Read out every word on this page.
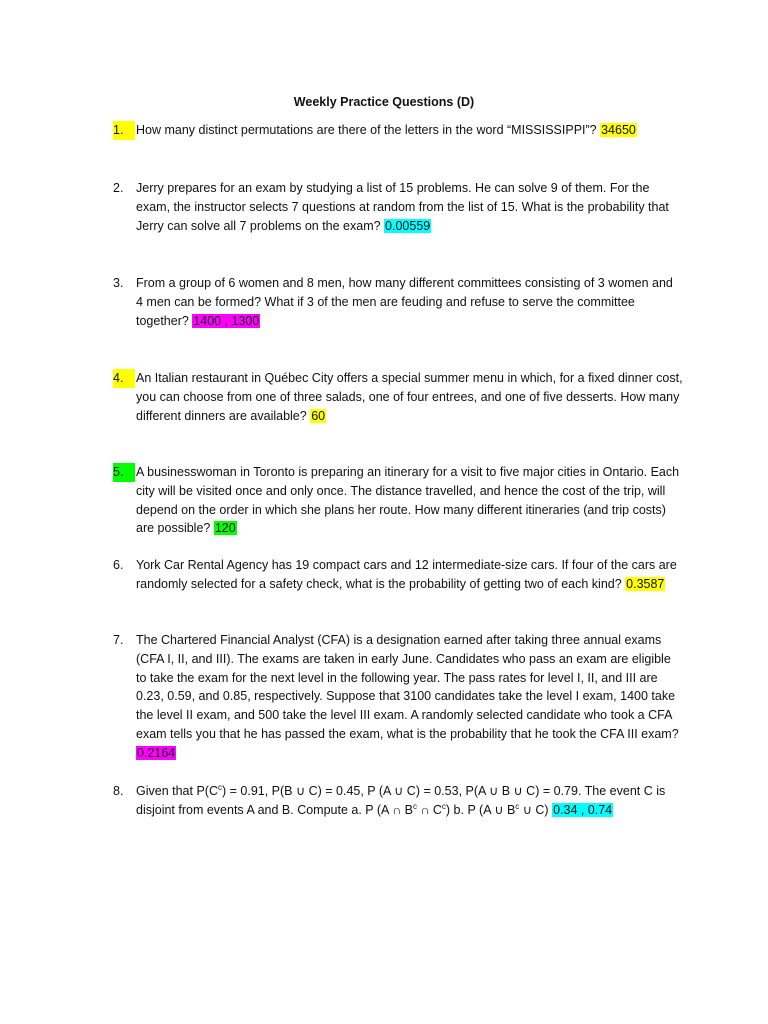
Weekly Practice Questions (D)
1.	How many distinct permutations are there of the letters in the word “MISSISSIPPI”? 34650
2.	Jerry prepares for an exam by studying a list of 15 problems. He can solve 9 of them. For the exam, the instructor selects 7 questions at random from the list of 15. What is the probability that Jerry can solve all 7 problems on the exam? 0.00559
3.	From a group of 6 women and 8 men, how many different committees consisting of 3 women and 4 men can be formed? What if 3 of the men are feuding and refuse to serve the committee together? 1400 , 1300
4.	An Italian restaurant in Québec City offers a special summer menu in which, for a fixed dinner cost, you can choose from one of three salads, one of four entrees, and one of five desserts. How many different dinners are available? 60
5.	A businesswoman in Toronto is preparing an itinerary for a visit to five major cities in Ontario. Each city will be visited once and only once. The distance travelled, and hence the cost of the trip, will depend on the order in which she plans her route. How many different itineraries (and trip costs) are possible? 120
6.	York Car Rental Agency has 19 compact cars and 12 intermediate-size cars. If four of the cars are randomly selected for a safety check, what is the probability of getting two of each kind? 0.3587
7.	The Chartered Financial Analyst (CFA) is a designation earned after taking three annual exams (CFA I, II, and III). The exams are taken in early June. Candidates who pass an exam are eligible to take the exam for the next level in the following year. The pass rates for level I, II, and III are 0.23, 0.59, and 0.85, respectively. Suppose that 3100 candidates take the level I exam, 1400 take the level II exam, and 500 take the level III exam. A randomly selected candidate who took a CFA exam tells you that he has passed the exam, what is the probability that he took the CFA III exam? 0.2164
8.	Given that $P(C^c) = 0.91$, P(B ∪ C) = 0.45, P (A ∪ C) = 0.53, P(A ∪ B ∪ C) = 0.79. The event C is disjoint from events A and B. Compute a. P (A ∩ $B^c$ ∩ $C^c$) b. P (A ∪ $B^c$ ∪ C) 0.34 , 0.74
